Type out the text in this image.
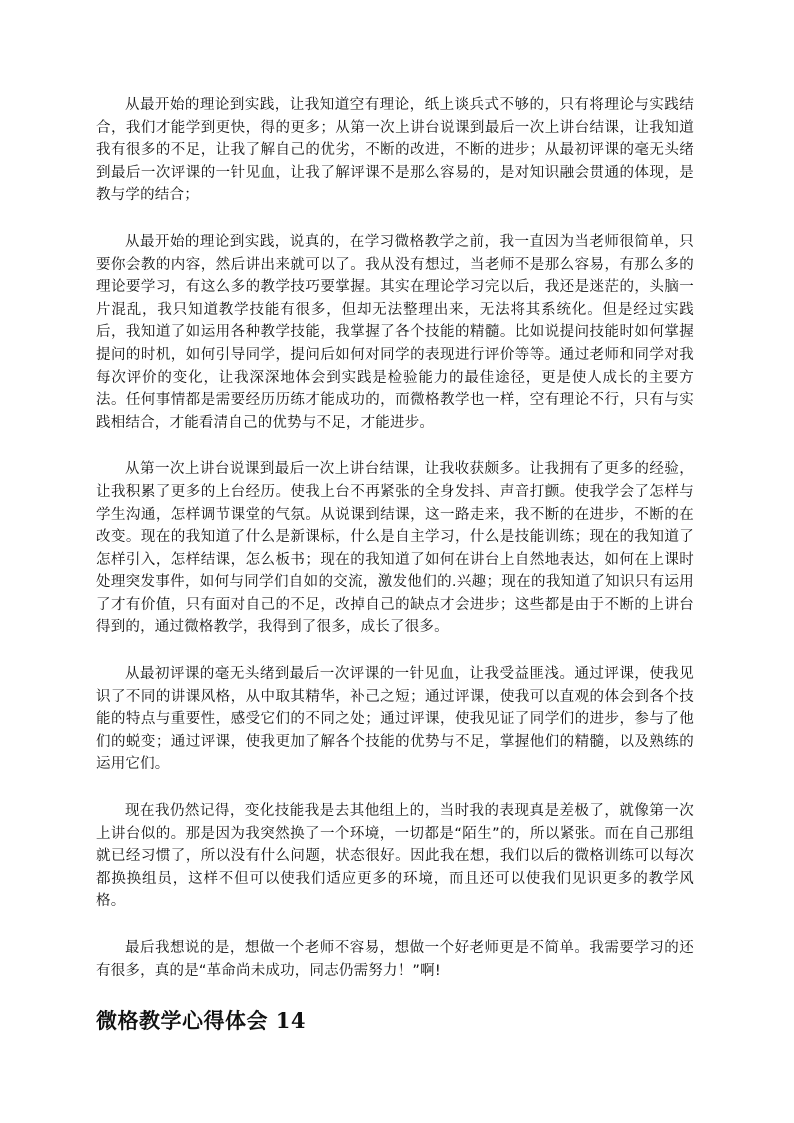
从最开始的理论到实践，让我知道空有理论，纸上谈兵式不够的，只有将理论与实践结合，我们才能学到更快，得的更多；从第一次上讲台说课到最后一次上讲台结课，让我知道我有很多的不足，让我了解自己的优劣，不断的改进，不断的进步；从最初评课的毫无头绪到最后一次评课的一针见血，让我了解评课不是那么容易的，是对知识融会贯通的体现，是教与学的结合；

从最开始的理论到实践，说真的，在学习微格教学之前，我一直因为当老师很简单，只要你会教的内容，然后讲出来就可以了。我从没有想过，当老师不是那么容易，有那么多的理论要学习，有这么多的教学技巧要掌握。其实在理论学习完以后，我还是迷茫的，头脑一片混乱，我只知道教学技能有很多，但却无法整理出来，无法将其系统化。但是经过实践后，我知道了如运用各种教学技能，我掌握了各个技能的精髓。比如说提问技能时如何掌握提问的时机，如何引导同学，提问后如何对同学的表现进行评价等等。通过老师和同学对我每次评价的变化，让我深深地体会到实践是检验能力的最佳途径，更是使人成长的主要方法。任何事情都是需要经历历练才能成功的，而微格教学也一样，空有理论不行，只有与实践相结合，才能看清自己的优势与不足，才能进步。

从第一次上讲台说课到最后一次上讲台结课，让我收获颇多。让我拥有了更多的经验，让我积累了更多的上台经历。使我上台不再紧张的全身发抖、声音打颤。使我学会了怎样与学生沟通，怎样调节课堂的气氛。从说课到结课，这一路走来，我不断的在进步，不断的在改变。现在的我知道了什么是新课标，什么是自主学习，什么是技能训练；现在的我知道了怎样引入，怎样结课，怎么板书；现在的我知道了如何在讲台上自然地表达，如何在上课时处理突发事件，如何与同学们自如的交流，激发他们的.兴趣；现在的我知道了知识只有运用了才有价值，只有面对自己的不足，改掉自己的缺点才会进步；这些都是由于不断的上讲台得到的，通过微格教学，我得到了很多，成长了很多。

从最初评课的毫无头绪到最后一次评课的一针见血，让我受益匪浅。通过评课，使我见识了不同的讲课风格，从中取其精华，补己之短；通过评课，使我可以直观的体会到各个技能的特点与重要性，感受它们的不同之处；通过评课，使我见证了同学们的进步，参与了他们的蜕变；通过评课，使我更加了解各个技能的优势与不足，掌握他们的精髓，以及熟练的运用它们。

现在我仍然记得，变化技能我是去其他组上的，当时我的表现真是差极了，就像第一次上讲台似的。那是因为我突然换了一个环境，一切都是“陌生”的，所以紧张。而在自己那组就已经习惯了，所以没有什么问题，状态很好。因此我在想，我们以后的微格训练可以每次都换换组员，这样不但可以使我们适应更多的环境，而且还可以使我们见识更多的教学风格。

最后我想说的是，想做一个老师不容易，想做一个好老师更是不简单。我需要学习的还有很多，真的是“革命尚未成功，同志仍需努力！”啊!

微格教学心得体会 14
